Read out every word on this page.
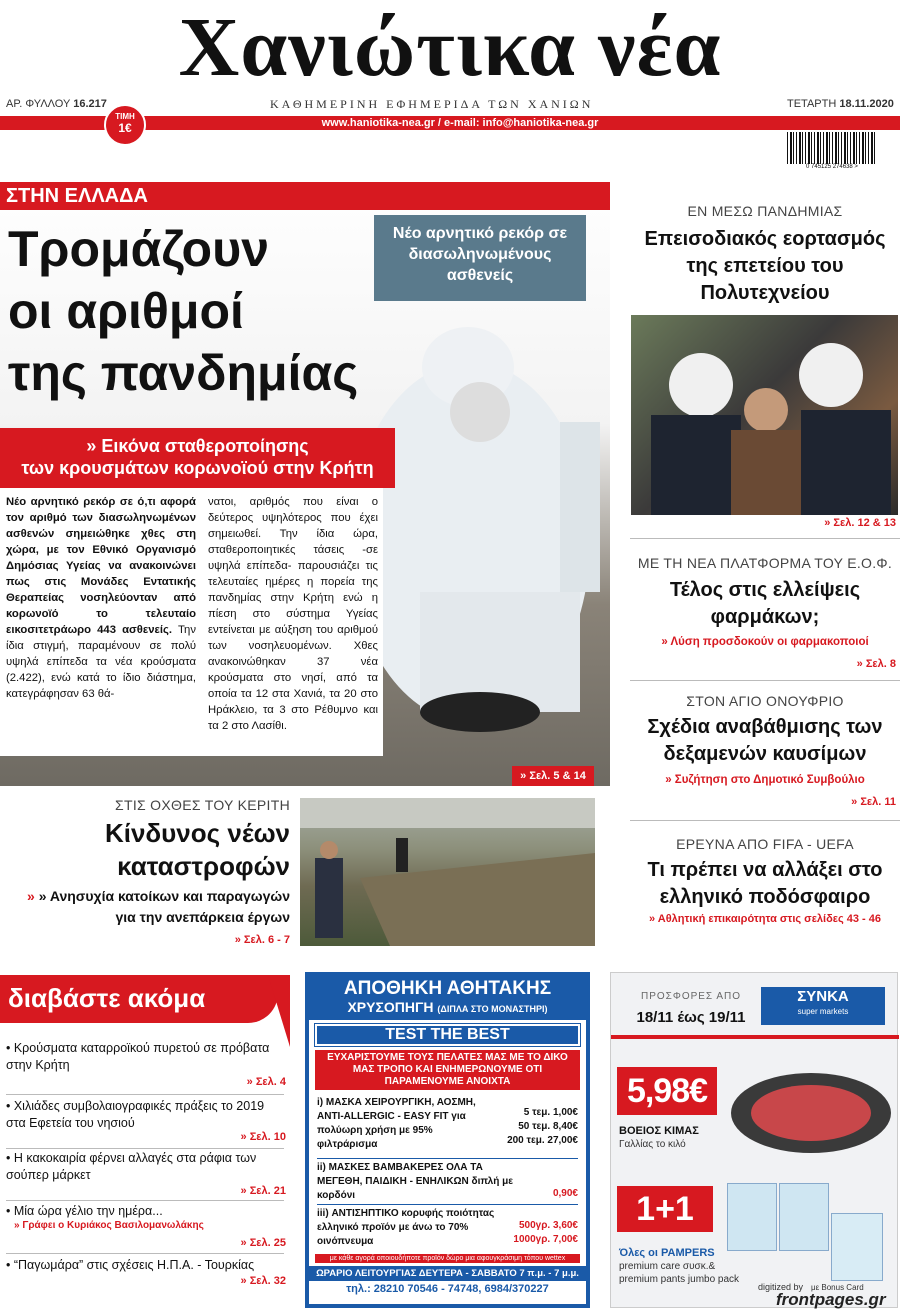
Χανιώτικα νέα
ΑΡ. ΦΥΛΛΟΥ 16.217	ΚΑΘΗΜΕΡΙΝΗ ΕΦΗΜΕΡΙΔΑ ΤΩΝ ΧΑΝΙΩΝ	ΤΕΤΑΡΤΗ 18.11.2020
www.haniotika-nea.gr / e-mail: info@haniotika-nea.gr
ΤΙΜΗ
1€
0 745125 274638 >
ΣΤΗΝ ΕΛΛΑΔΑ
Τρομάζουν
οι αριθμοί
της πανδημίας
Νέο αρνητικό ρεκόρ σε διασωληνωμένους ασθενείς
» Εικόνα σταθεροποίησης
των κρουσμάτων κορωνοϊού στην Κρήτη
Νέο αρνητικό ρεκόρ σε ό,τι αφορά τον αριθμό των διασωληνωμένων ασθενών σημειώθηκε χθες στη χώρα, με τον Εθνικό Οργανισμό Δημόσιας Υγείας να ανακοινώνει πως στις Μονάδες Εντατικής Θεραπείας νοσηλεύονταν από κορωνοϊό το τελευταίο εικοσιτετράωρο 443 ασθενείς. Την ίδια στιγμή, παραμένουν σε πολύ υψηλά επίπεδα τα νέα κρούσματα (2.422), ενώ κατά το ίδιο διάστημα, κατεγράφησαν 63 θά-
νατοι, αριθμός που είναι ο δεύτερος υψηλότερος που έχει σημειωθεί. Την ίδια ώρα, σταθεροποιητικές τάσεις -σε υψηλά επίπεδα- παρουσιάζει τις τελευταίες ημέρες η πορεία της πανδημίας στην Κρήτη ενώ η πίεση στο σύστημα Υγείας εντείνεται με αύξηση του αριθμού των νοσηλευομένων. Χθες ανακοινώθηκαν 37 νέα κρούσματα στο νησί, από τα οποία τα 12 στα Χανιά, τα 20 στο Ηράκλειο, τα 3 στο Ρέθυμνο και τα 2 στο Λασίθι.
» Σελ. 5 & 14
ΕΝ ΜΕΣΩ ΠΑΝΔΗΜΙΑΣ
Επεισοδιακός εορτασμός της επετείου του Πολυτεχνείου
» Σελ. 12 & 13
ΜΕ ΤΗ ΝΕΑ ΠΛΑΤΦΟΡΜΑ ΤΟΥ Ε.Ο.Φ.
Τέλος στις ελλείψεις φαρμάκων;
» Λύση προσδοκούν οι φαρμακοποιοί
» Σελ. 8
ΣΤΟΝ ΑΓΙΟ ΟΝΟΥΦΡΙΟ
Σχέδια αναβάθμισης των δεξαμενών καυσίμων
» Συζήτηση στο Δημοτικό Συμβούλιο
» Σελ. 11
ΕΡΕΥΝΑ ΑΠΟ FIFA - UEFA
Τι πρέπει να αλλάξει στο ελληνικό ποδόσφαιρο
» Αθλητική επικαιρότητα στις σελίδες 43 - 46
ΣΤΙΣ ΟΧΘΕΣ ΤΟΥ ΚΕΡΙΤΗ
Κίνδυνος νέων
καταστροφών
» » Ανησυχία κατοίκων και παραγωγών
για την ανεπάρκεια έργων
» Σελ. 6 - 7
διαβάστε ακόμα
• Κρούσματα καταρροϊκού πυρετού σε πρόβατα στην Κρήτη
» Σελ. 4
• Χιλιάδες συμβολαιογραφικές πράξεις το 2019 στα Εφετεία του νησιού
» Σελ. 10
• Η κακοκαιρία φέρνει αλλαγές στα ράφια των σούπερ μάρκετ
» Σελ. 21
• Μία ώρα γέλιο την ημέρα...
» Γράφει ο Κυριάκος Βασιλομανωλάκης
» Σελ. 25
• “Παγωμάρα” στις σχέσεις Η.Π.Α. - Τουρκίας
» Σελ. 32
ΑΠΟΘΗΚΗ ΑΘΗΤΑΚΗΣ
ΧΡΥΣΟΠΗΓΗ (ΔΙΠΛΑ ΣΤΟ ΜΟΝΑΣΤΗΡΙ)
TEST THE BEST
ΕΥΧΑΡΙΣΤΟΥΜΕ ΤΟΥΣ ΠΕΛΑΤΕΣ ΜΑΣ ΜΕ ΤΟ ΔΙΚΟ ΜΑΣ ΤΡΟΠΟ ΚΑΙ ΕΝΗΜΕΡΩΝΟΥΜΕ ΟΤΙ ΠΑΡΑΜΕΝΟΥΜΕ ΑΝΟΙΧΤΑ
i) ΜΑΣΚΑ ΧΕΙΡΟΥΡΓΙΚΗ, ΑΟΣΜΗ, ANTI-ALLERGIC - EASY FIT για πολύωρη χρήση με 95% φιλτράρισμα
5 τεμ. 1,00€
50 τεμ. 8,40€
200 τεμ. 27,00€
ii) ΜΑΣΚΕΣ ΒΑΜΒΑΚΕΡΕΣ ΟΛΑ ΤΑ ΜΕΓΕΘΗ, ΠΑΙΔΙΚΗ - ΕΝΗΛΙΚΩΝ διπλή με κορδόνι	0,90€
iii) ΑΝΤΙΣΗΠΤΙΚΟ κορυφής ποιότητας ελληνικό προϊόν με άνω το 70% οινόπνευμα
500γρ. 3,60€
1000γρ. 7,00€
με κάθε αγορά οποιουδήποτε προϊόν δώρο μια αφουγκράσιμη τόπου wettex
ΩΡΑΡΙΟ ΛΕΙΤΟΥΡΓΙΑΣ ΔΕΥΤΕΡΑ - ΣΑΒΒΑΤΟ 7 π.μ. - 7 μ.μ.
τηλ.: 28210 70546 - 74748, 6984/370227
ΠΡΟΣΦΟΡΕΣ ΑΠΟ
18/11 έως 19/11
ΣΥΝΚΑ
super markets
5,98€
ΒΟΕΙΟΣ ΚΙΜΑΣ
Γαλλίας το κιλό
1+1
Όλες οι PAMPERS
premium care συσκ.&
premium pants jumbo pack
με Bonus Card
digitized by
frontpages.gr
